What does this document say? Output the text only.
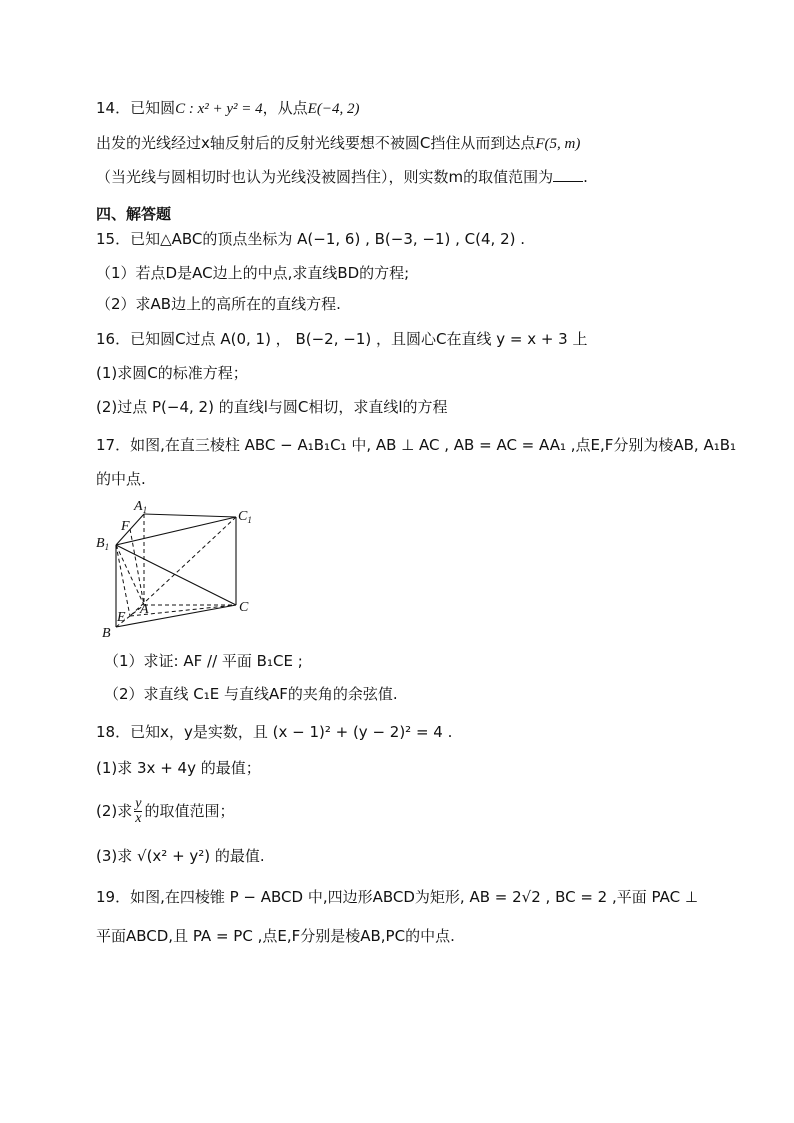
14．已知圆C : x² + y² = 4，从点E(−4, 2)
出发的光线经过x轴反射后的反射光线要想不被圆C挡住从而到达点F(5, m)
（当光线与圆相切时也认为光线没被圆挡住），则实数m的取值范围为 .
四、解答题
15．已知△ABC的顶点坐标为 A(−1, 6) , B(−3, −1) , C(4, 2) .
（1）若点D是AC边上的中点,求直线BD的方程;
（2）求AB边上的高所在的直线方程.
16．已知圆C过点 A(0, 1) ， B(−2, −1) ，且圆心C在直线 y = x + 3 上
(1)求圆C的标准方程；
(2)过点 P(−4, 2) 的直线l与圆C相切，求直线l的方程
17．如图,在直三棱柱 ABC − A₁B₁C₁ 中, AB ⊥ AC , AB = AC = AA₁ ,点E,F分别为棱AB, A₁B₁
的中点.
$A_1$	$C_1$
F
$B_1$
E
A	C
B
（1）求证: AF // 平面 B₁CE ;
（2）求直线 C₁E 与直线AF的夹角的余弦值.
18．已知x，y是实数，且 (x − 1)² + (y − 2)² = 4 .
(1)求 3x + 4y 的最值；
(2)求 $\frac{y}{x}$ 的取值范围；
(3)求 √(x² + y²) 的最值.
19．如图,在四棱锥 P − ABCD 中,四边形ABCD为矩形, AB = 2√2 , BC = 2 ,平面 PAC ⊥
平面ABCD,且 PA = PC ,点E,F分别是棱AB,PC的中点.
